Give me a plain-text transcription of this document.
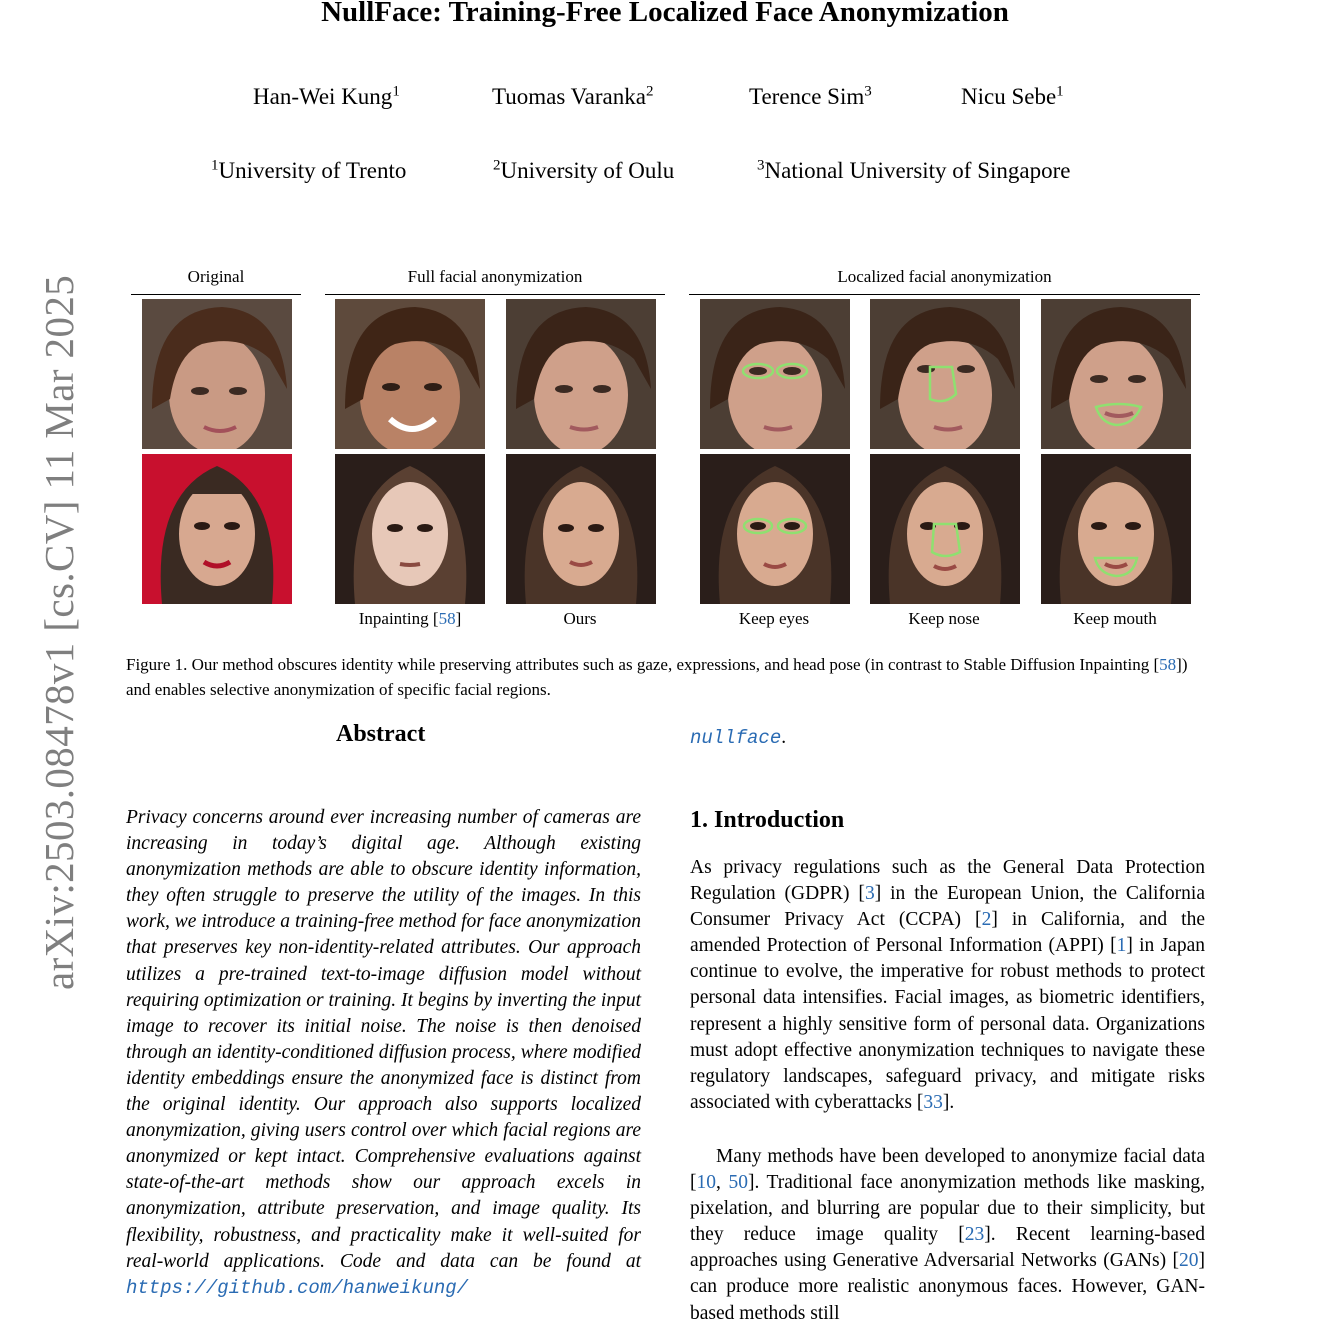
NullFace: Training-Free Localized Face Anonymization
Han-Wei Kung$^1$	Tuomas Varanka$^2$	Terence Sim$^3$	Nicu Sebe$^1$
$^1$University of Trento	$^2$University of Oulu	$^3$National University of Singapore
arXiv:2503.08478v1 [cs.CV] 11 Mar 2025	Original	Full facial anonymization	Localized facial anonymization
Inpainting [58]	Ours	Keep eyes	Keep nose	Keep mouth
Figure 1. Our method obscures identity while preserving attributes such as gaze, expressions, and head pose (in contrast to Stable Diffusion Inpainting [58]) and enables selective anonymization of specific facial regions.
Abstract
Privacy concerns around ever increasing number of cameras are increasing in today’s digital age. Although existing anonymization methods are able to obscure identity information, they often struggle to preserve the utility of the images. In this work, we introduce a training-free method for face anonymization that preserves key non-identity-related attributes. Our approach utilizes a pre-trained text-to-image diffusion model without requiring optimization or training. It begins by inverting the input image to recover its initial noise. The noise is then denoised through an identity-conditioned diffusion process, where modified identity embeddings ensure the anonymized face is distinct from the original identity. Our approach also supports localized anonymization, giving users control over which facial regions are anonymized or kept intact. Comprehensive evaluations against state-of-the-art methods show our approach excels in anonymization, attribute preservation, and image quality. Its flexibility, robustness, and practicality make it well-suited for real-world applications. Code and data can be found at https://github.com/hanweikung/
nullface.
1. Introduction
As privacy regulations such as the General Data Protection Regulation (GDPR) [3] in the European Union, the California Consumer Privacy Act (CCPA) [2] in California, and the amended Protection of Personal Information (APPI) [1] in Japan continue to evolve, the imperative for robust methods to protect personal data intensifies. Facial images, as biometric identifiers, represent a highly sensitive form of personal data. Organizations must adopt effective anonymization techniques to navigate these regulatory landscapes, safeguard privacy, and mitigate risks associated with cyberattacks [33].
Many methods have been developed to anonymize facial data [10, 50]. Traditional face anonymization methods like masking, pixelation, and blurring are popular due to their simplicity, but they reduce image quality [23]. Recent learning-based approaches using Generative Adversarial Networks (GANs) [20] can produce more realistic anonymous faces. However, GAN-based methods still
